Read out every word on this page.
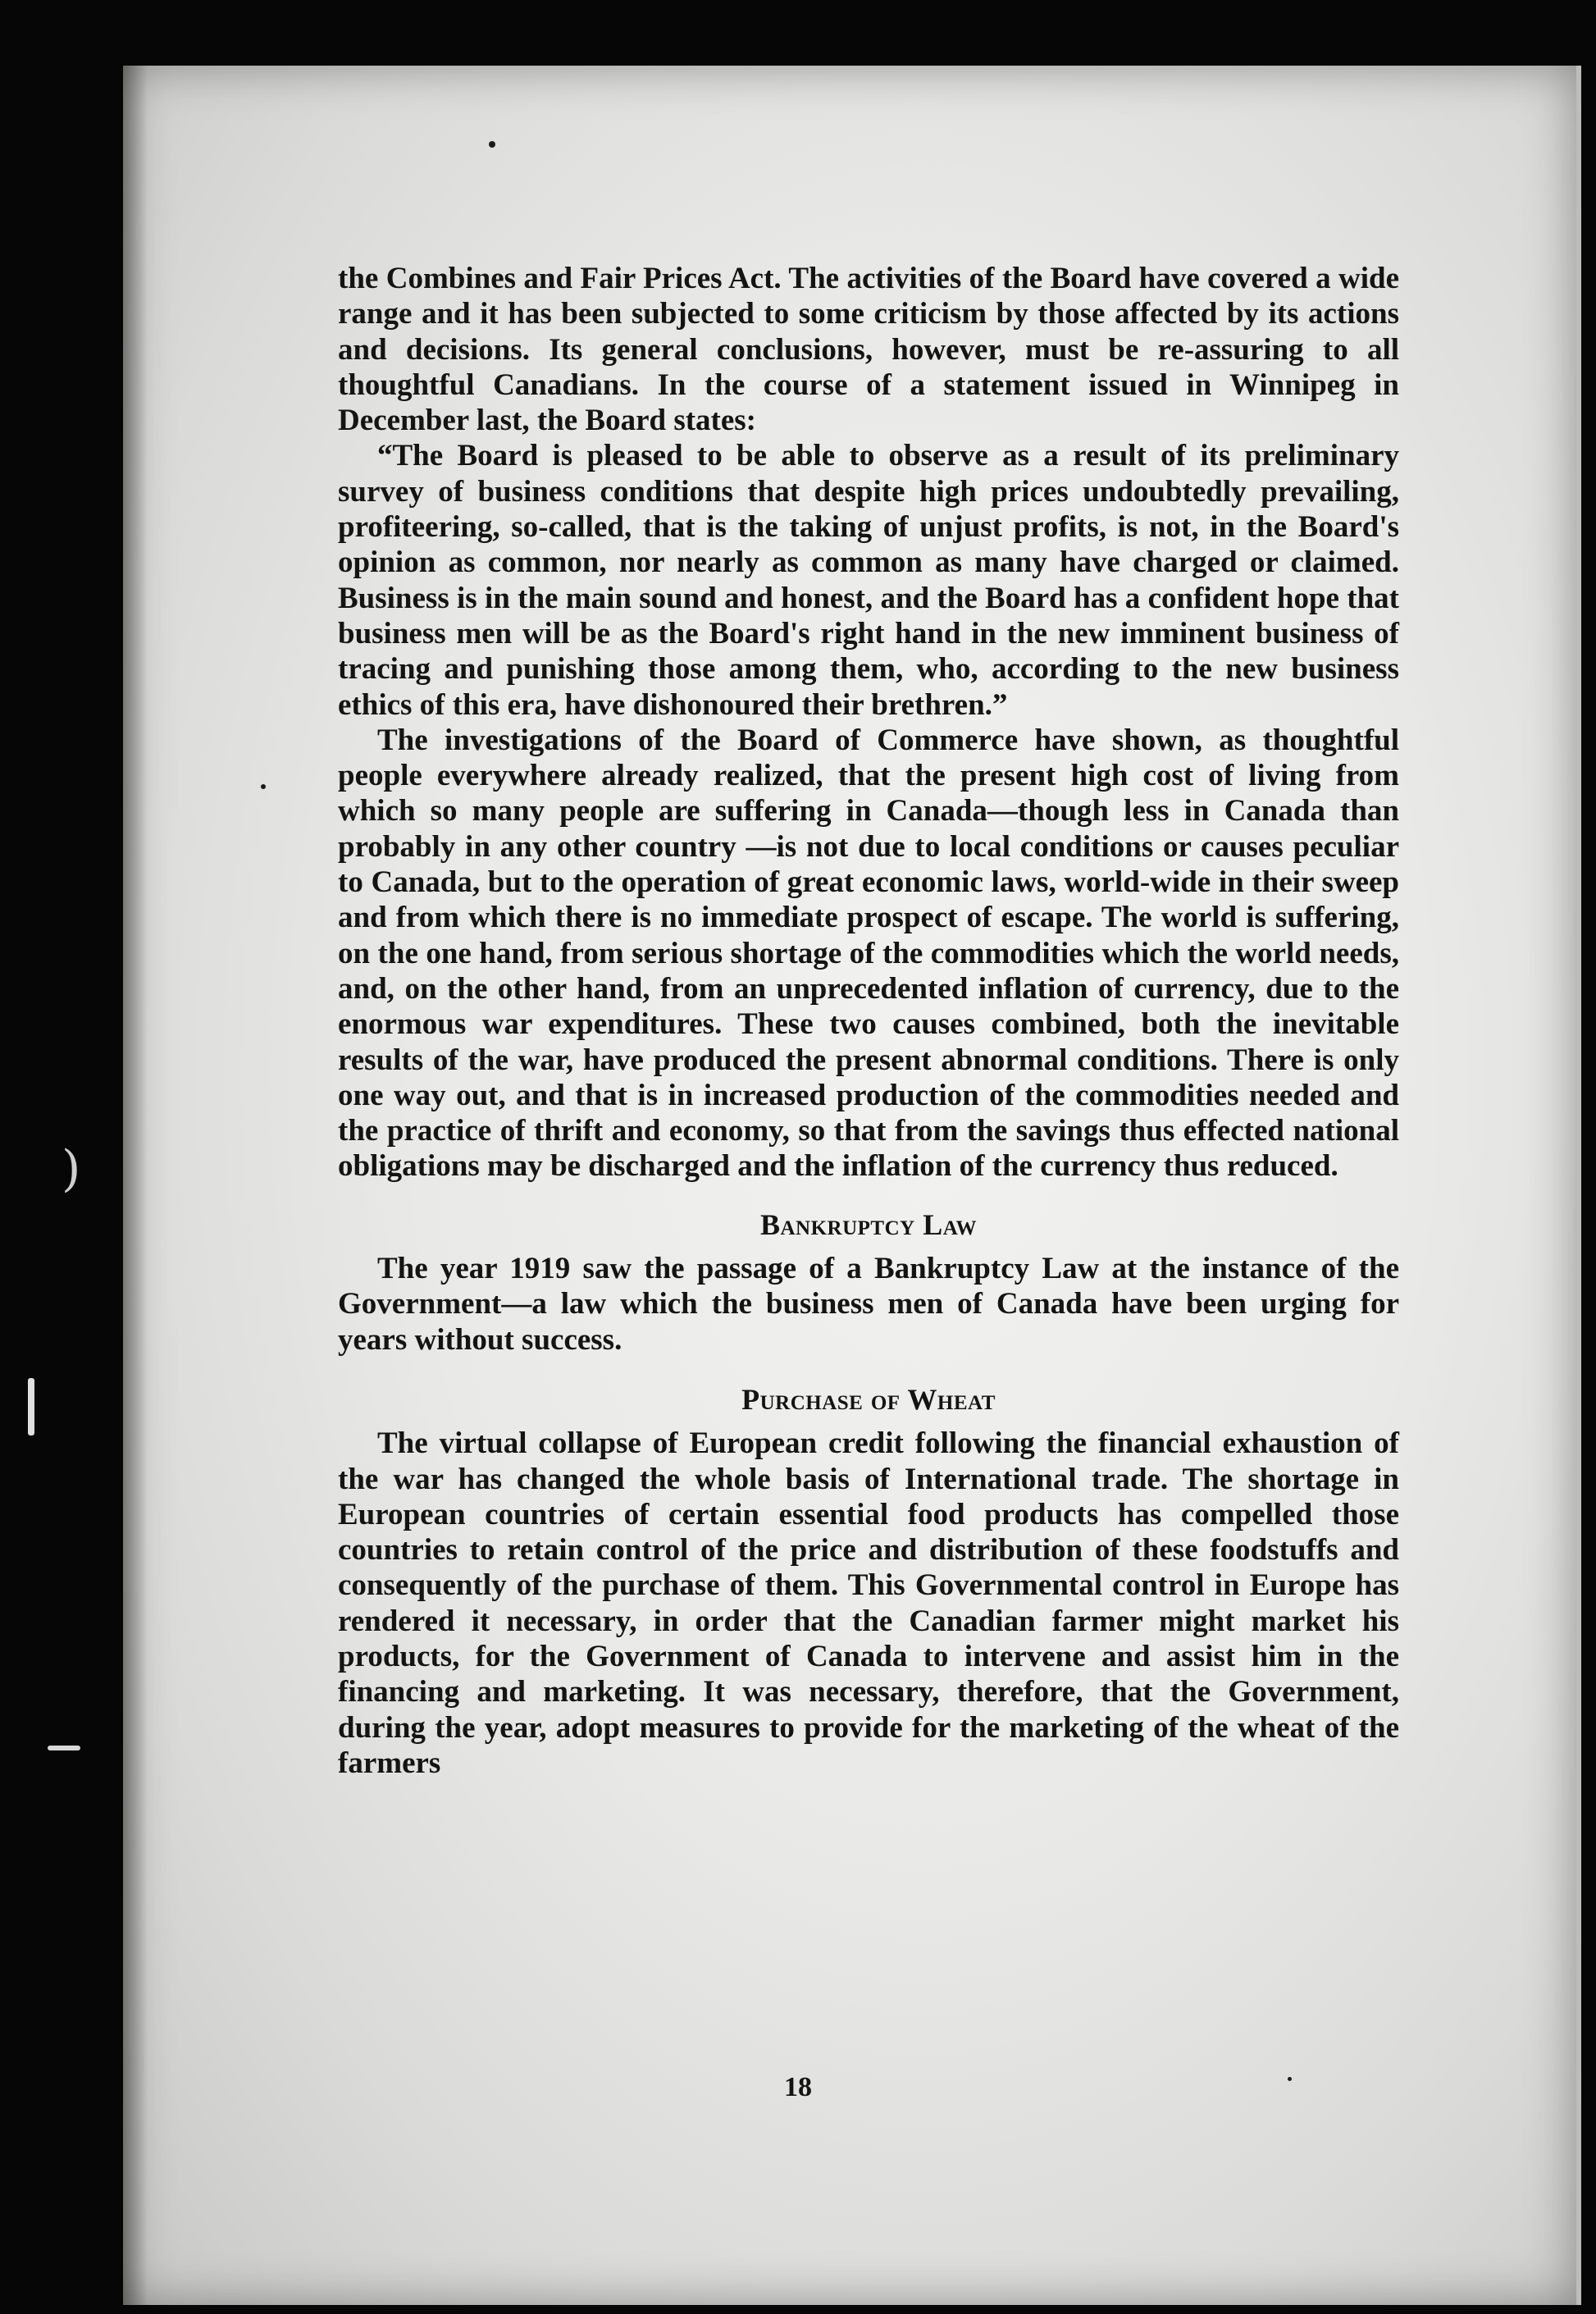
)

the Combines and Fair Prices Act. The activities of the Board have covered a wide range and it has been subjected to some criticism by those affected by its actions and decisions. Its general conclusions, however, must be re-assuring to all thoughtful Canadians. In the course of a statement issued in Winnipeg in December last, the Board states:

“The Board is pleased to be able to observe as a result of its preliminary survey of business conditions that despite high prices undoubtedly prevailing, profiteering, so-called, that is the taking of unjust profits, is not, in the Board's opinion as common, nor nearly as common as many have charged or claimed. Business is in the main sound and honest, and the Board has a confident hope that business men will be as the Board's right hand in the new imminent business of tracing and punishing those among them, who, according to the new business ethics of this era, have dishonoured their brethren.”

The investigations of the Board of Commerce have shown, as thoughtful people everywhere already realized, that the present high cost of living from which so many people are suffering in Canada—though less in Canada than probably in any other country —is not due to local conditions or causes peculiar to Canada, but to the operation of great economic laws, world-wide in their sweep and from which there is no immediate prospect of escape. The world is suffering, on the one hand, from serious shortage of the commodities which the world needs, and, on the other hand, from an unprecedented inflation of currency, due to the enormous war expenditures. These two causes combined, both the inevitable results of the war, have produced the present abnormal conditions. There is only one way out, and that is in increased production of the commodities needed and the practice of thrift and economy, so that from the savings thus effected national obligations may be discharged and the inflation of the currency thus reduced.

Bankruptcy Law

The year 1919 saw the passage of a Bankruptcy Law at the instance of the Government—a law which the business men of Canada have been urging for years without success.

Purchase of Wheat

The virtual collapse of European credit following the financial exhaustion of the war has changed the whole basis of International trade. The shortage in European countries of certain essential food products has compelled those countries to retain control of the price and distribution of these foodstuffs and consequently of the purchase of them. This Governmental control in Europe has rendered it necessary, in order that the Canadian farmer might market his products, for the Government of Canada to intervene and assist him in the financing and marketing. It was necessary, therefore, that the Government, during the year, adopt measures to provide for the marketing of the wheat of the farmers

18
